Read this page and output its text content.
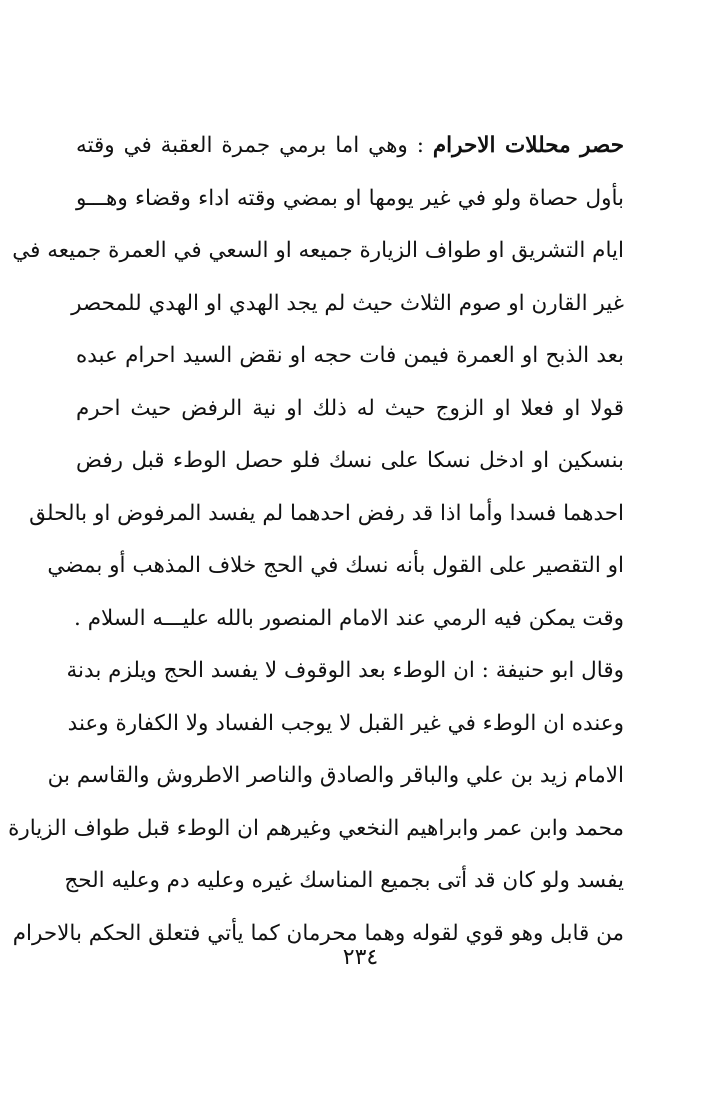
حصر محللات الاحرام : وهي اما برمي جمرة العقبة في وقته
بأول حصاة ولو في غير يومها او بمضي وقته اداء وقضاء وهـــو
ايام التشريق او طواف الزيارة جميعه او السعي في العمرة جميعه في
غير القارن او صوم الثلاث حيث لم يجد الهدي او الهدي للمحصر
بعد الذبح او العمرة فيمن فات حجه او نقض السيد احرام عبده
قولا او فعلا او الزوج حيث له ذلك او نية الرفض حيث احرم
بنسكين او ادخل نسكا على نسك فلو حصل الوطء قبل رفض
احدهما فسدا وأما اذا قد رفض احدهما لم يفسد المرفوض او بالحلق
او التقصير على القول بأنه نسك في الحج خلاف المذهب أو بمضي
وقت يمكن فيه الرمي عند الامام المنصور بالله عليـــه السلام .
وقال ابو حنيفة : ان الوطء بعد الوقوف لا يفسد الحج ويلزم بدنة
وعنده ان الوطء في غير القبل لا يوجب الفساد ولا الكفارة وعند
الامام زيد بن علي والباقر والصادق والناصر الاطروش والقاسم بن
محمد وابن عمر وابراهيم النخعي وغيرهم ان الوطء قبل طواف الزيارة
يفسد ولو كان قد أتى بجميع المناسك غيره وعليه دم وعليه الحج
من قابل وهو قوي لقوله وهما محرمان كما يأتي فتعلق الحكم بالاحرام
٢٣٤
